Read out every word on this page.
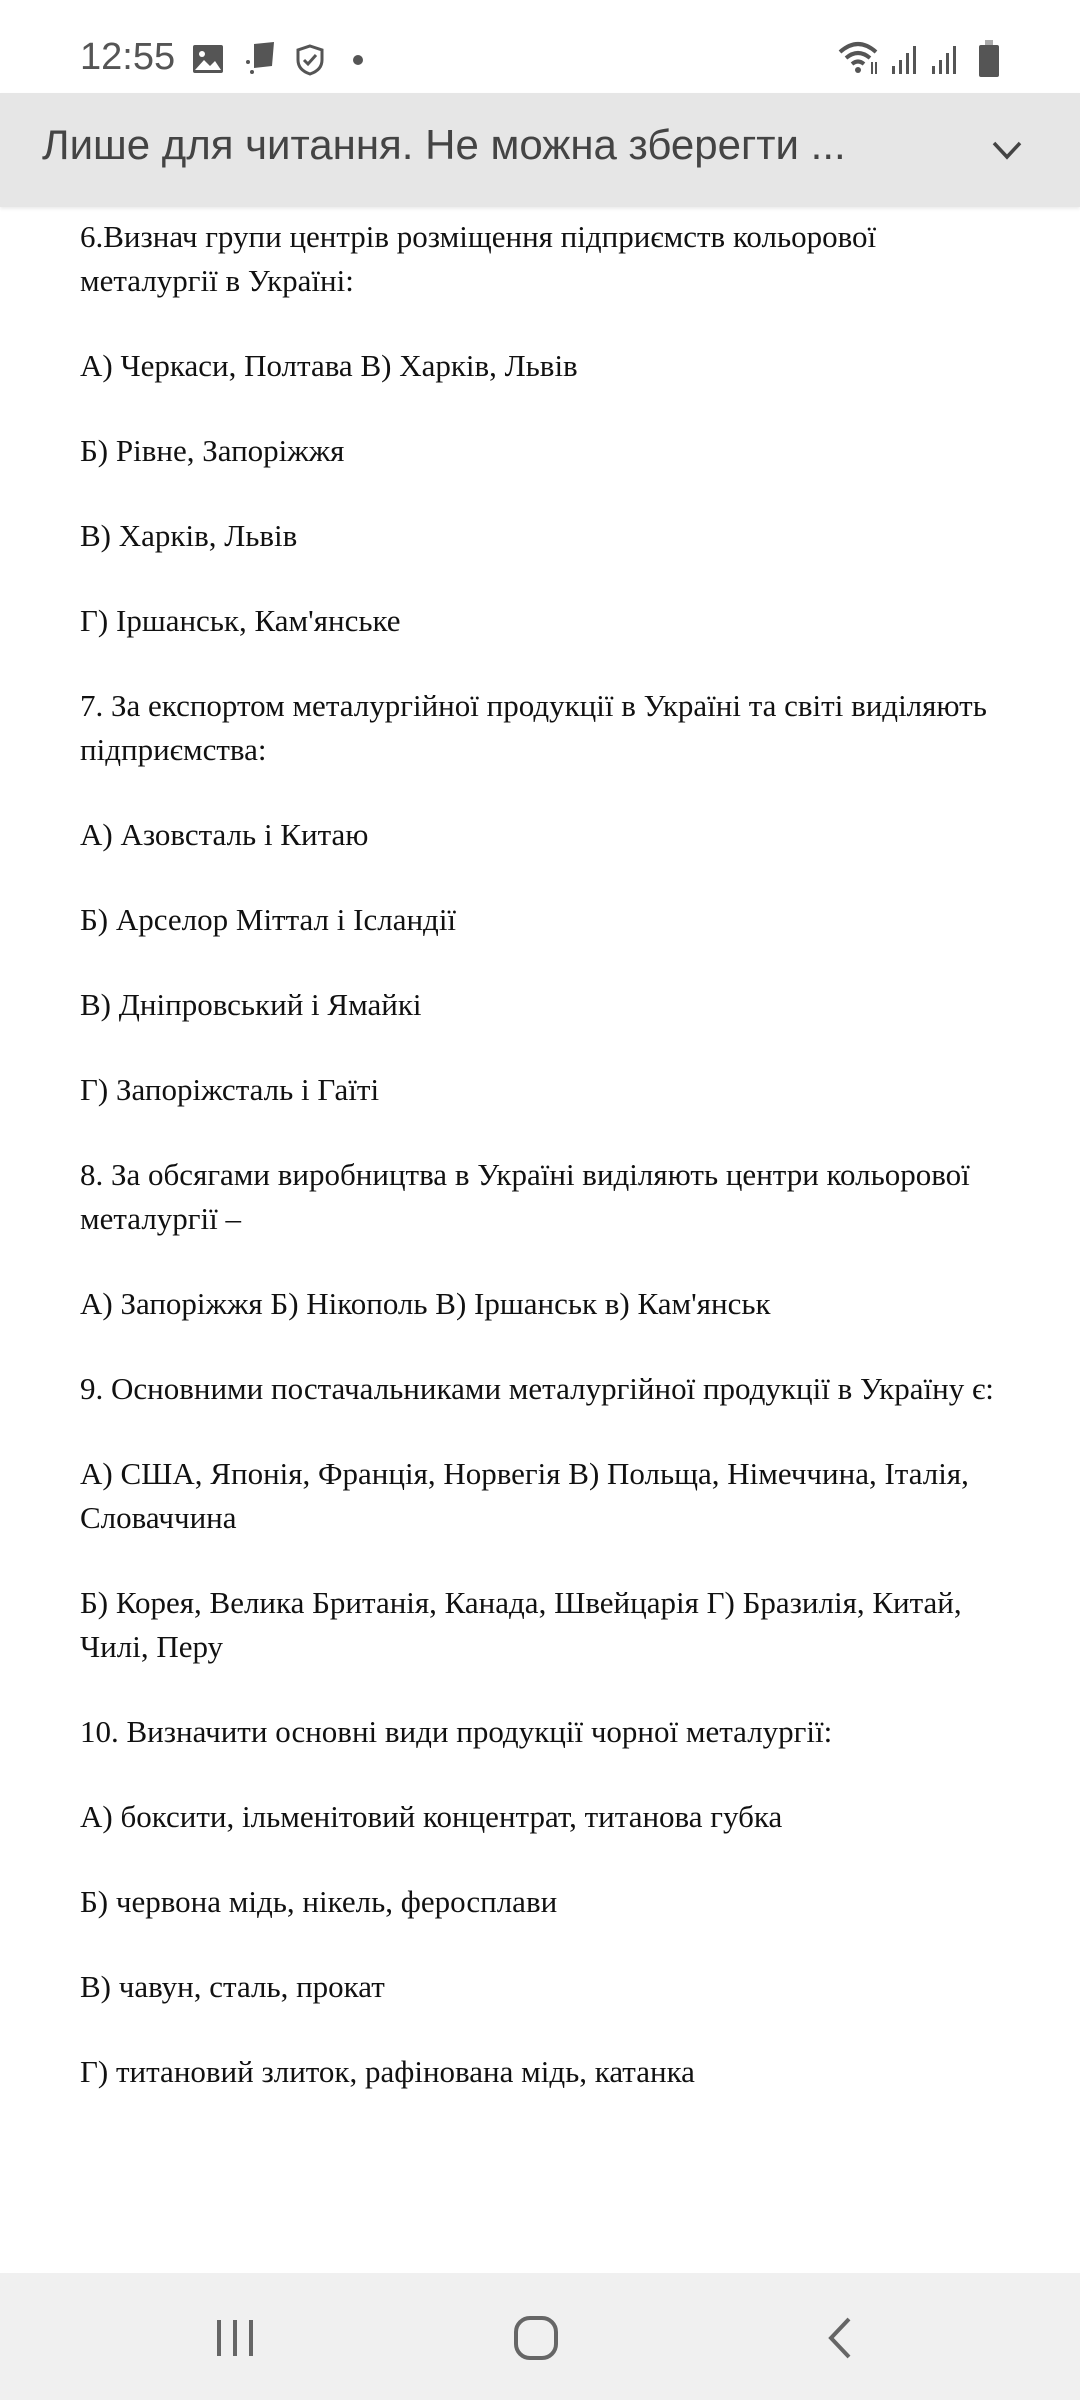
12:55
Лише для читання. Не можна зберегти ...

6.Визнач групи центрів розміщення підприємств кольорової металургії в Україні:

А) Черкаси, Полтава В) Харків, Львів

Б) Рівне, Запоріжжя

В) Харків, Львів

Г) Іршанськ, Кам'янське

7. За експортом металургійної продукції в Україні та світі виділяють підприємства:

А) Азовсталь і Китаю

Б) Арселор Міттал і Ісландії

В) Дніпровський і Ямайкі

Г) Запоріжсталь і Гаїті

8. За обсягами виробництва в Україні виділяють центри кольорової металургії –

А) Запоріжжя Б) Нікополь В) Іршанськ в) Кам'янськ

9. Основними постачальниками металургійної продукції в Україну є:

А) США, Японія, Франція, Норвегія В) Польща, Німеччина, Італія, Словаччина

Б) Корея, Велика Британія, Канада, Швейцарія Г) Бразилія, Китай, Чилі, Перу

10. Визначити основні види продукції чорної металургії:

А) боксити, ільменітовий концентрат, титанова губка

Б) червона мідь, нікель, феросплави

В) чавун, сталь, прокат

Г) титановий злиток, рафінована мідь, катанка
